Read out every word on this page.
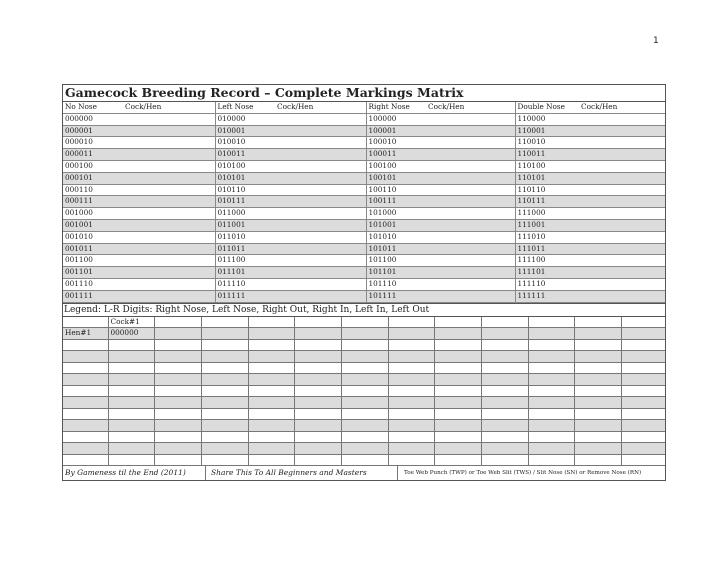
1
Gamecock Breeding Record – Complete Markings Matrix
No Nose	Cock/Hen	Left Nose	Cock/Hen	Right Nose	Cock/Hen	Double Nose	Cock/Hen
000000		010000		100000		110000	
000001		010001		100001		110001	
000010		010010		100010		110010	
000011		010011		100011		110011	
000100		010100		100100		110100	
000101		010101		100101		110101	
000110		010110		100110		110110	
000111		010111		100111		110111	
001000		011000		101000		111000	
001001		011001		101001		111001	
001010		011010		101010		111010	
001011		011011		101011		111011	
001100		011100		101100		111100	
001101		011101		101101		111101	
001110		011110		101110		111110	
001111		011111		101111		111111	
Legend: L-R Digits: Right Nose, Left Nose, Right Out, Right In, Left In, Left Out
	Cock#1											
Hen#1	000000											

By Gameness til the End (2011)	Share This To All Beginners and Masters	Toe Web Punch (TWP) or Toe Web Slit (TWS) / Slit Nose (SN) or Remove Nose (RN)
